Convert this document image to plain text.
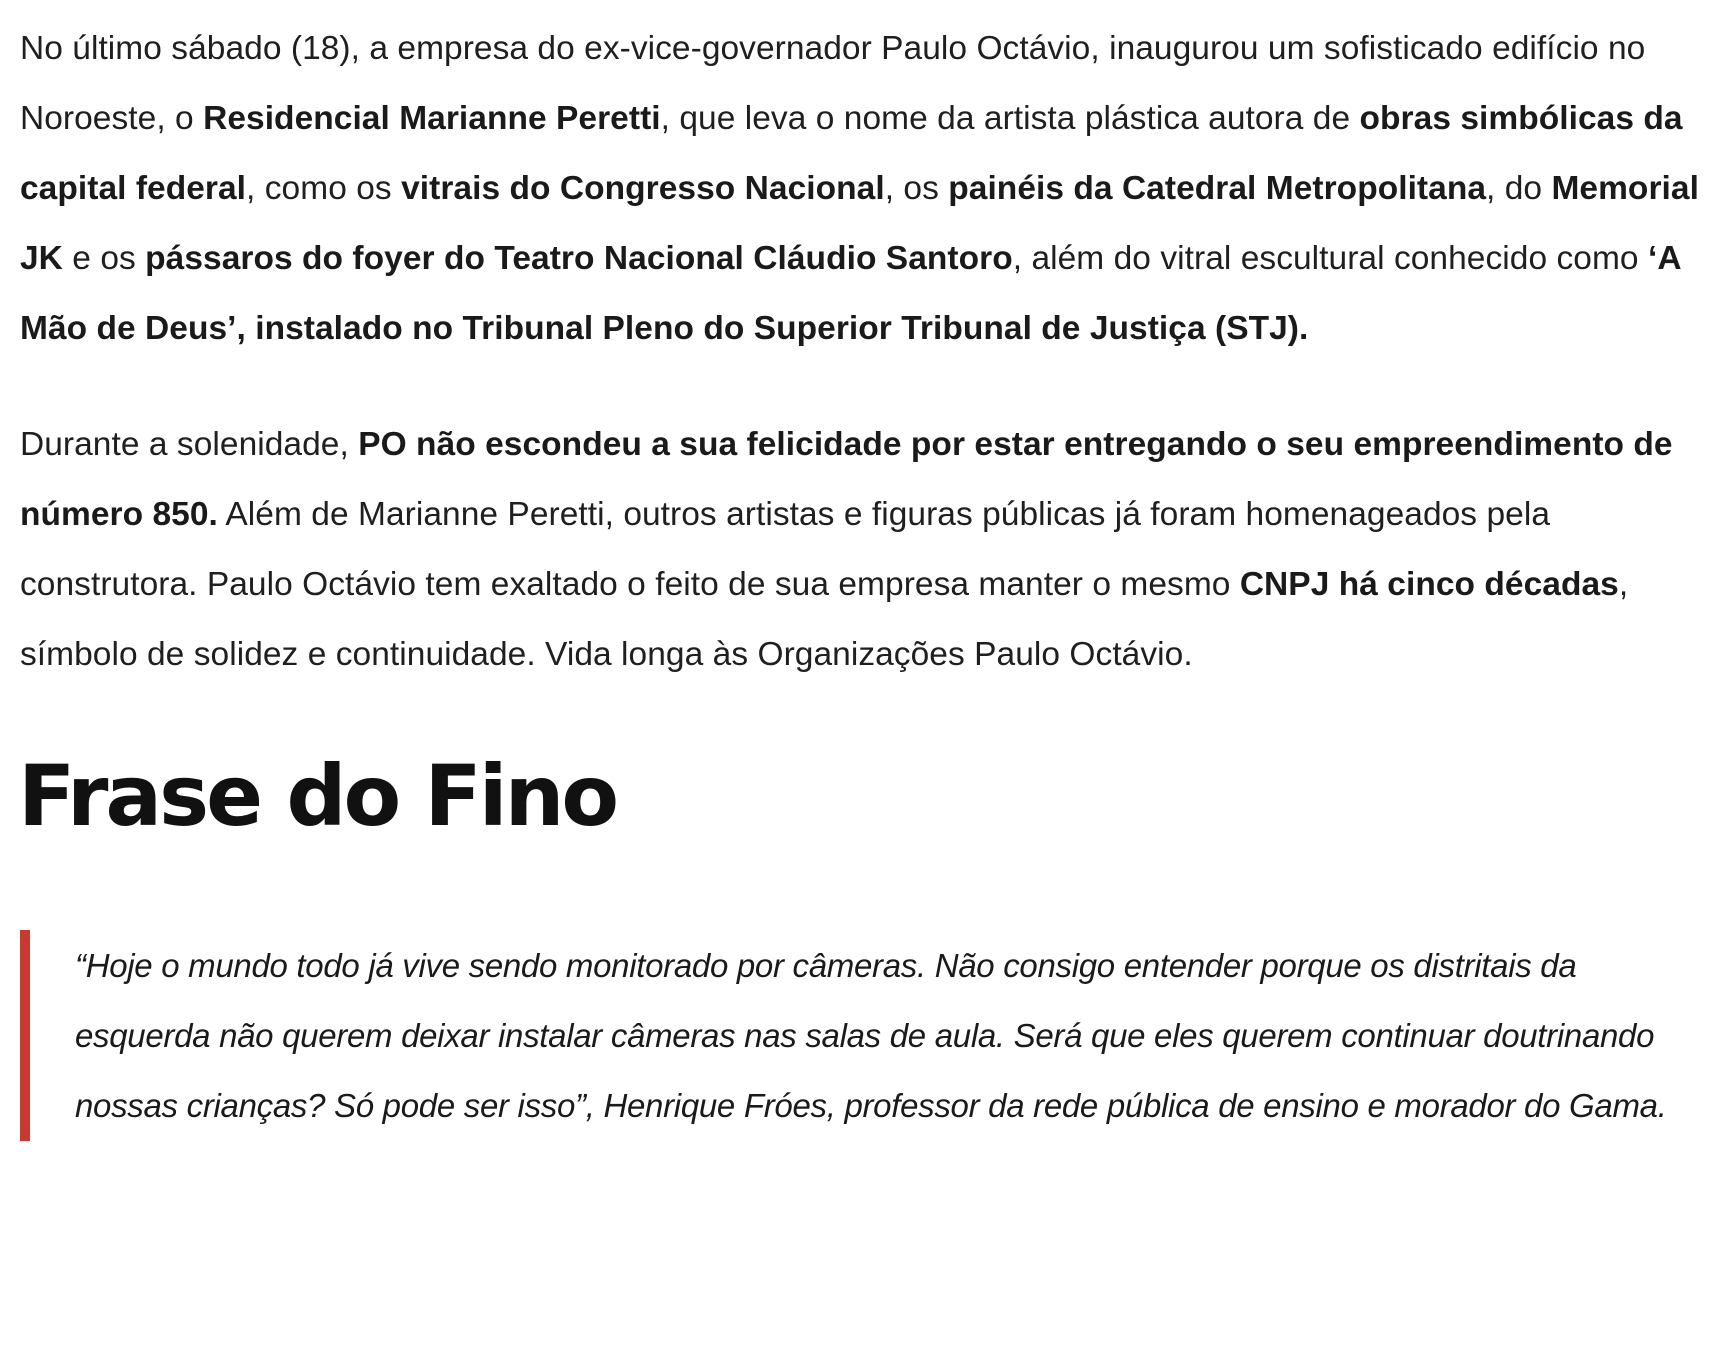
No último sábado (18), a empresa do ex-vice-governador Paulo Octávio, inaugurou um sofisticado edifício no Noroeste, o Residencial Marianne Peretti, que leva o nome da artista plástica autora de obras simbólicas da capital federal, como os vitrais do Congresso Nacional, os painéis da Catedral Metropolitana, do Memorial JK e os pássaros do foyer do Teatro Nacional Cláudio Santoro, além do vitral escultural conhecido como ‘A Mão de Deus’, instalado no Tribunal Pleno do Superior Tribunal de Justiça (STJ).

Durante a solenidade, PO não escondeu a sua felicidade por estar entregando o seu empreendimento de número 850. Além de Marianne Peretti, outros artistas e figuras públicas já foram homenageados pela construtora. Paulo Octávio tem exaltado o feito de sua empresa manter o mesmo CNPJ há cinco décadas, símbolo de solidez e continuidade. Vida longa às Organizações Paulo Octávio.

Frase do Fino
“Hoje o mundo todo já vive sendo monitorado por câmeras. Não consigo entender porque os distritais da esquerda não querem deixar instalar câmeras nas salas de aula. Será que eles querem continuar doutrinando nossas crianças? Só pode ser isso”, Henrique Fróes, professor da rede pública de ensino e morador do Gama.
